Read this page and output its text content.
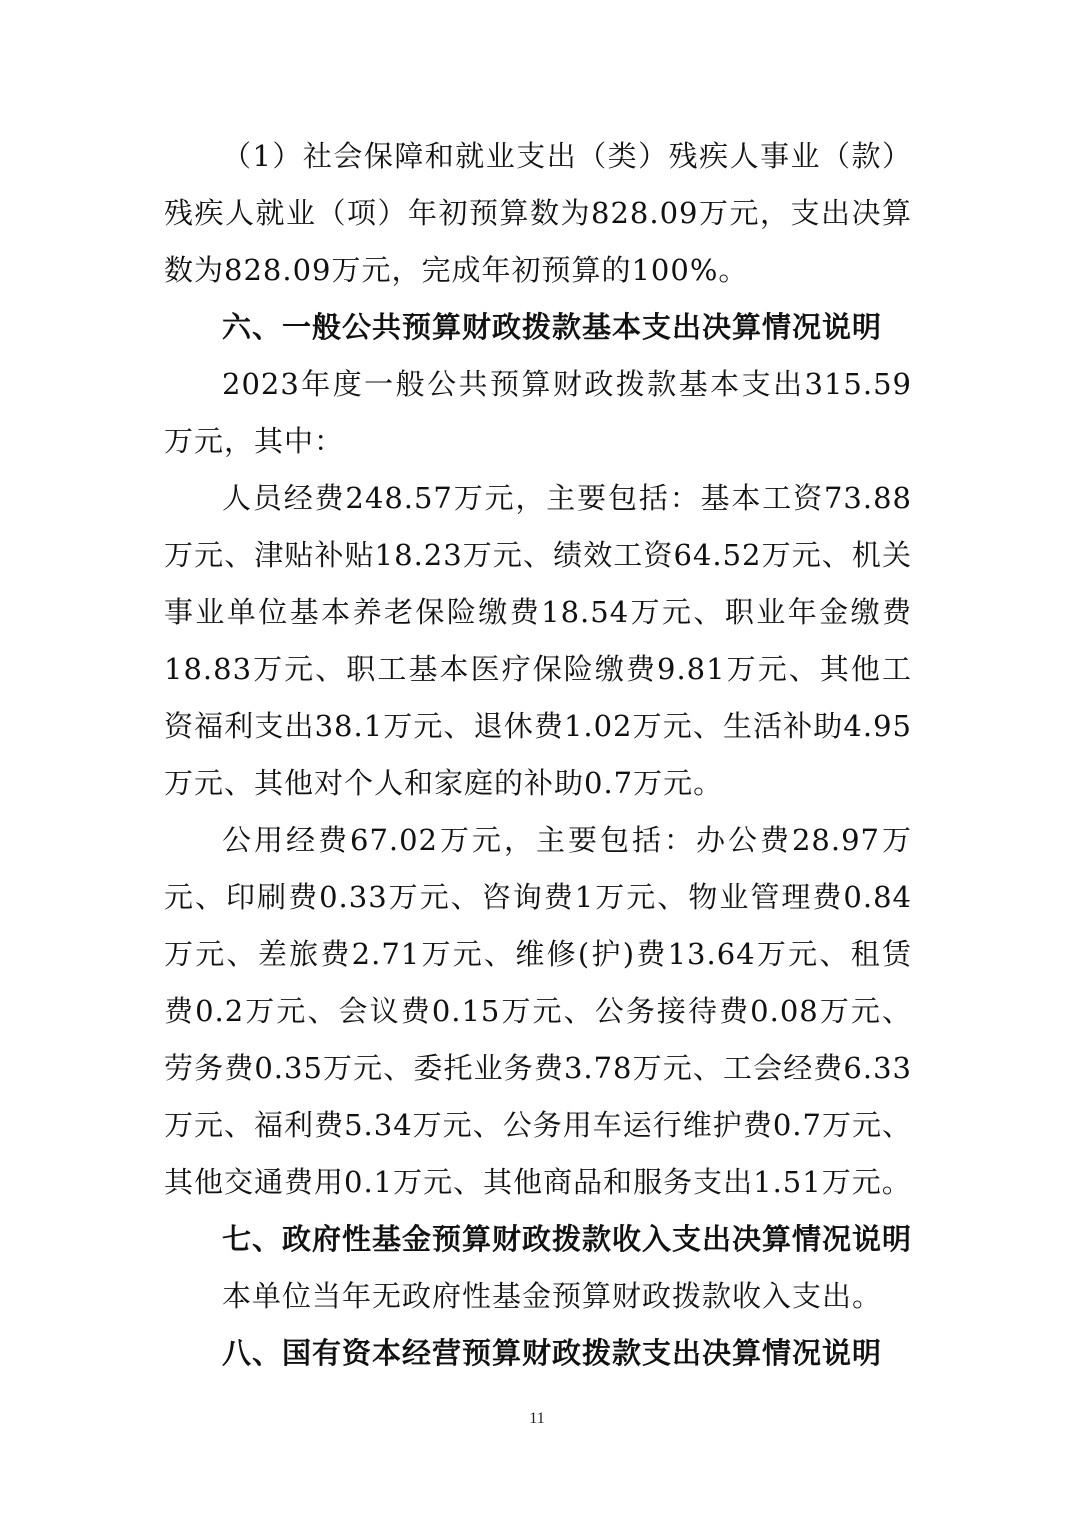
（1）社会保障和就业支出（类）残疾人事业（款）残疾人就业（项）年初预算数为828.09万元，支出决算数为828.09万元，完成年初预算的100%。

六、一般公共预算财政拨款基本支出决算情况说明

2023年度一般公共预算财政拨款基本支出315.59万元，其中：

人员经费248.57万元，主要包括：基本工资73.88万元、津贴补贴18.23万元、绩效工资64.52万元、机关事业单位基本养老保险缴费18.54万元、职业年金缴费18.83万元、职工基本医疗保险缴费9.81万元、其他工资福利支出38.1万元、退休费1.02万元、生活补助4.95万元、其他对个人和家庭的补助0.7万元。

公用经费67.02万元，主要包括：办公费28.97万元、印刷费0.33万元、咨询费1万元、物业管理费0.84万元、差旅费2.71万元、维修(护)费13.64万元、租赁费0.2万元、会议费0.15万元、公务接待费0.08万元、劳务费0.35万元、委托业务费3.78万元、工会经费6.33万元、福利费5.34万元、公务用车运行维护费0.7万元、其他交通费用0.1万元、其他商品和服务支出1.51万元。

七、政府性基金预算财政拨款收入支出决算情况说明

本单位当年无政府性基金预算财政拨款收入支出。

八、国有资本经营预算财政拨款支出决算情况说明

11
